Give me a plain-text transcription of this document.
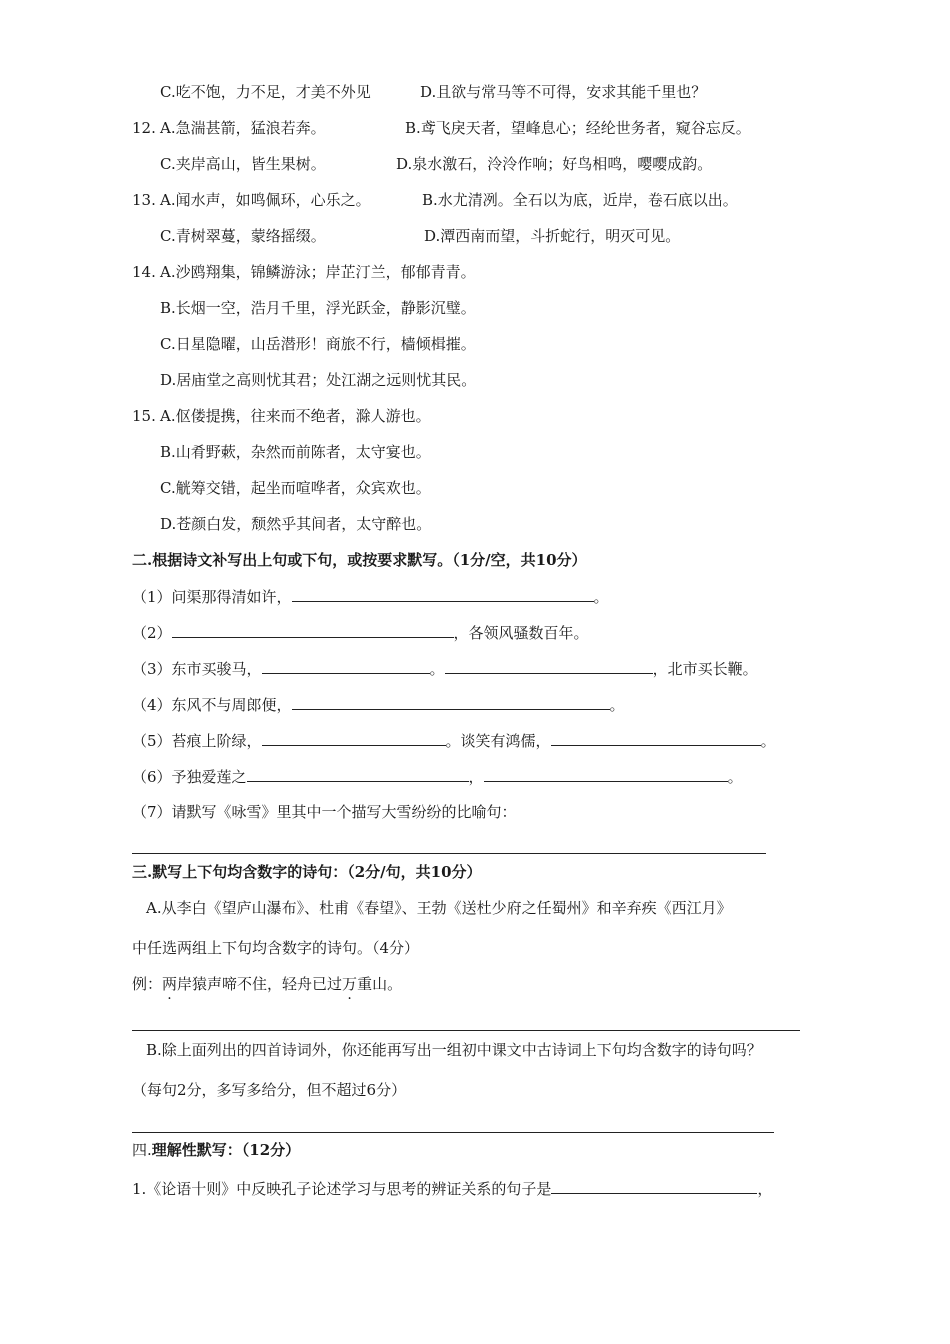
C.吃不饱，力不足，才美不外见	D.且欲与常马等不可得，安求其能千里也？
12. A.急湍甚箭，猛浪若奔。	B.鸢飞戾天者，望峰息心；经纶世务者，窥谷忘反。
C.夹岸高山，皆生果树。	D.泉水激石，泠泠作响；好鸟相鸣，嘤嘤成韵。
13. A.闻水声，如鸣佩环，心乐之。	B.水尤清冽。全石以为底，近岸，卷石底以出。
C.青树翠蔓，蒙络摇缀。	D.潭西南而望，斗折蛇行，明灭可见。
14. A.沙鸥翔集，锦鳞游泳；岸芷汀兰，郁郁青青。
B.长烟一空，浩月千里，浮光跃金，静影沉璧。
C.日星隐曜，山岳潜形！商旅不行，樯倾楫摧。
D.居庙堂之高则忧其君；处江湖之远则忧其民。
15. A.伛偻提携，往来而不绝者，滁人游也。
B.山肴野蔌，杂然而前陈者，太守宴也。
C.觥筹交错，起坐而喧哗者，众宾欢也。
D.苍颜白发，颓然乎其间者，太守醉也。
二.根据诗文补写出上句或下句，或按要求默写。（1分/空，共10分）
（1）问渠那得清如许，	。
（2）	，各领风骚数百年。
（3）东市买骏马，	。	，北市买长鞭。
（4）东风不与周郎便，	。
（5）苔痕上阶绿，	。谈笑有鸿儒，	。
（6）予独爱莲之	，	。
（7）请默写《咏雪》里其中一个描写大雪纷纷的比喻句：
三.默写上下句均含数字的诗句：（2分/句，共10分）
A.从李白《望庐山瀑布》、杜甫《春望》、王勃《送杜少府之任蜀州》和辛弃疾《西江月》
中任选两组上下句均含数字的诗句。（4分）
例：两岸猿声啼不住，轻舟已过万重山。
B.除上面列出的四首诗词外，你还能再写出一组初中课文中古诗词上下句均含数字的诗句吗？
（每句2分，多写多给分，但不超过6分）
四.理解性默写：（12分）
1.《论语十则》中反映孔子论述学习与思考的辨证关系的句子是	，
